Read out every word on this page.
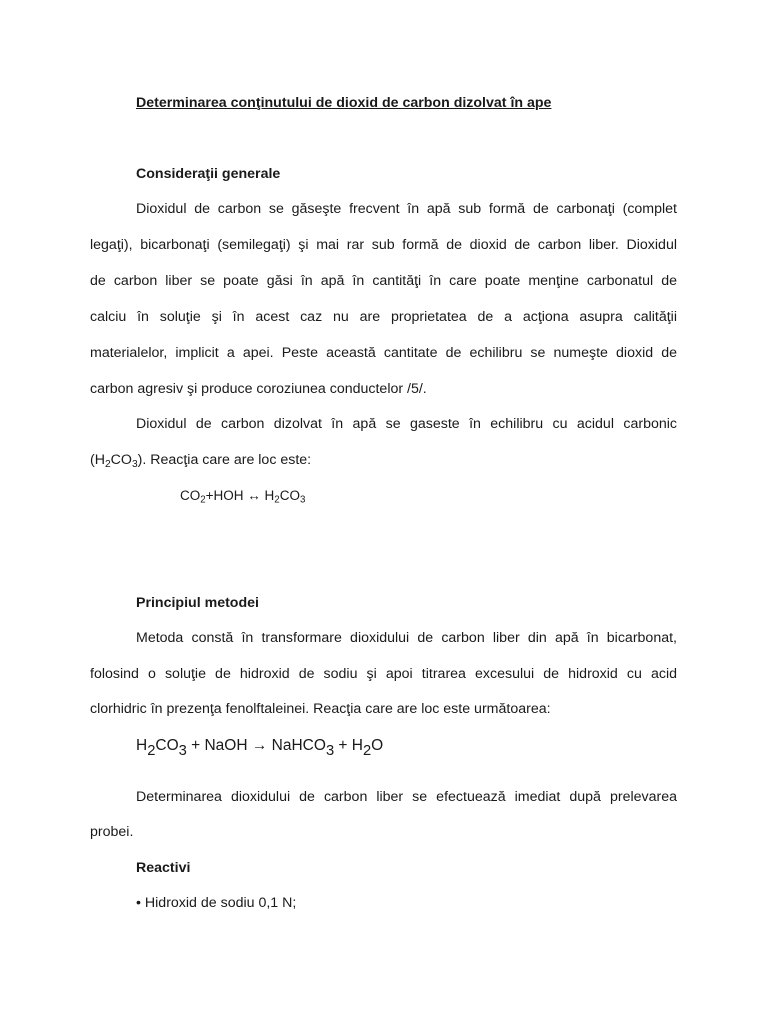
Determinarea conţinutului de dioxid de carbon dizolvat în ape
Consideraţii generale
Dioxidul de carbon se găseşte frecvent în apă sub formă de carbonaţi (complet
legaţi), bicarbonaţi (semilegaţi) şi mai rar sub formă de dioxid de carbon liber. Dioxidul
de carbon liber se poate găsi în apă în cantităţi în care poate menţine carbonatul de
calciu în soluţie şi în acest caz nu are proprietatea de a acţiona asupra calităţii
materialelor, implicit a apei. Peste această cantitate de echilibru se numeşte dioxid de
carbon agresiv şi produce coroziunea conductelor /5/.
Dioxidul de carbon dizolvat în apă se gaseste în echilibru cu acidul carbonic
$(H_2CO_3)$. Reacţia care are loc este:
$CO_2+HOH$ ↔ $H_2CO_3$
Principiul metodei
Metoda constă în transformare dioxidului de carbon liber din apă în bicarbonat,
folosind o soluţie de hidroxid de sodiu şi apoi titrarea excesului de hidroxid cu acid
clorhidric în prezenţa fenolftaleinei. Reacţia care are loc este următoarea:
H2CO3 + NaOH → NaHCO3 + H2O
Determinarea dioxidului de carbon liber se efectuează imediat după prelevarea
probei.
Reactivi
• Hidroxid de sodiu 0,1 N;
